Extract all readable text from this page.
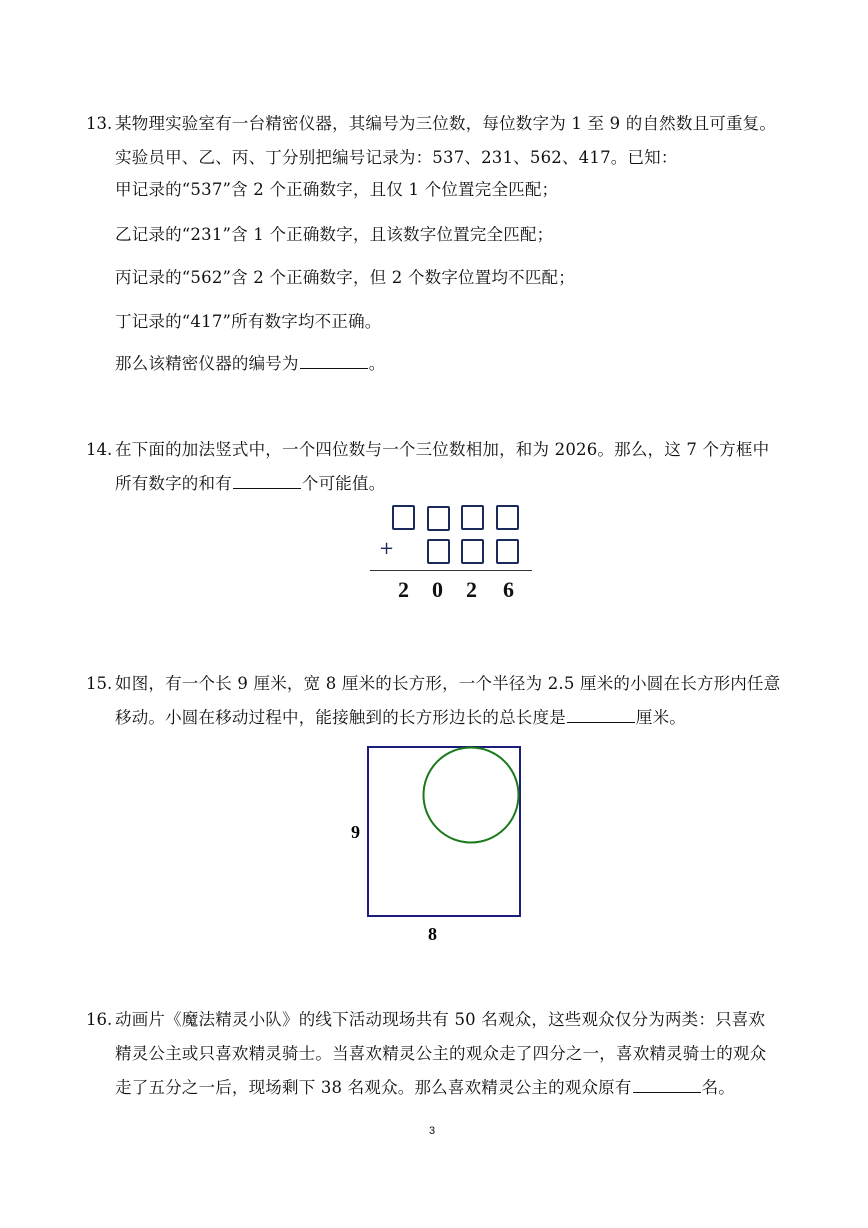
13. 某物理实验室有一台精密仪器，其编号为三位数，每位数字为 1 至 9 的自然数且可重复。
实验员甲、乙、丙、丁分别把编号记录为：537、231、562、417。已知：
甲记录的“537”含 2 个正确数字，且仅 1 个位置完全匹配；
乙记录的“231”含 1 个正确数字，且该数字位置完全匹配；
丙记录的“562”含 2 个正确数字，但 2 个数字位置均不匹配；
丁记录的“417”所有数字均不正确。
那么该精密仪器的编号为	。
14. 在下面的加法竖式中，一个四位数与一个三位数相加，和为 2026。那么，这 7 个方框中
所有数字的和有	个可能值。
+
2 0 2 6
15. 如图，有一个长 9 厘米，宽 8 厘米的长方形，一个半径为 2.5 厘米的小圆在长方形内任意
移动。小圆在移动过程中，能接触到的长方形边长的总长度是	厘米。
9
8
16. 动画片《魔法精灵小队》的线下活动现场共有 50 名观众，这些观众仅分为两类：只喜欢
精灵公主或只喜欢精灵骑士。当喜欢精灵公主的观众走了四分之一，喜欢精灵骑士的观众
走了五分之一后，现场剩下 38 名观众。那么喜欢精灵公主的观众原有	名。
3
